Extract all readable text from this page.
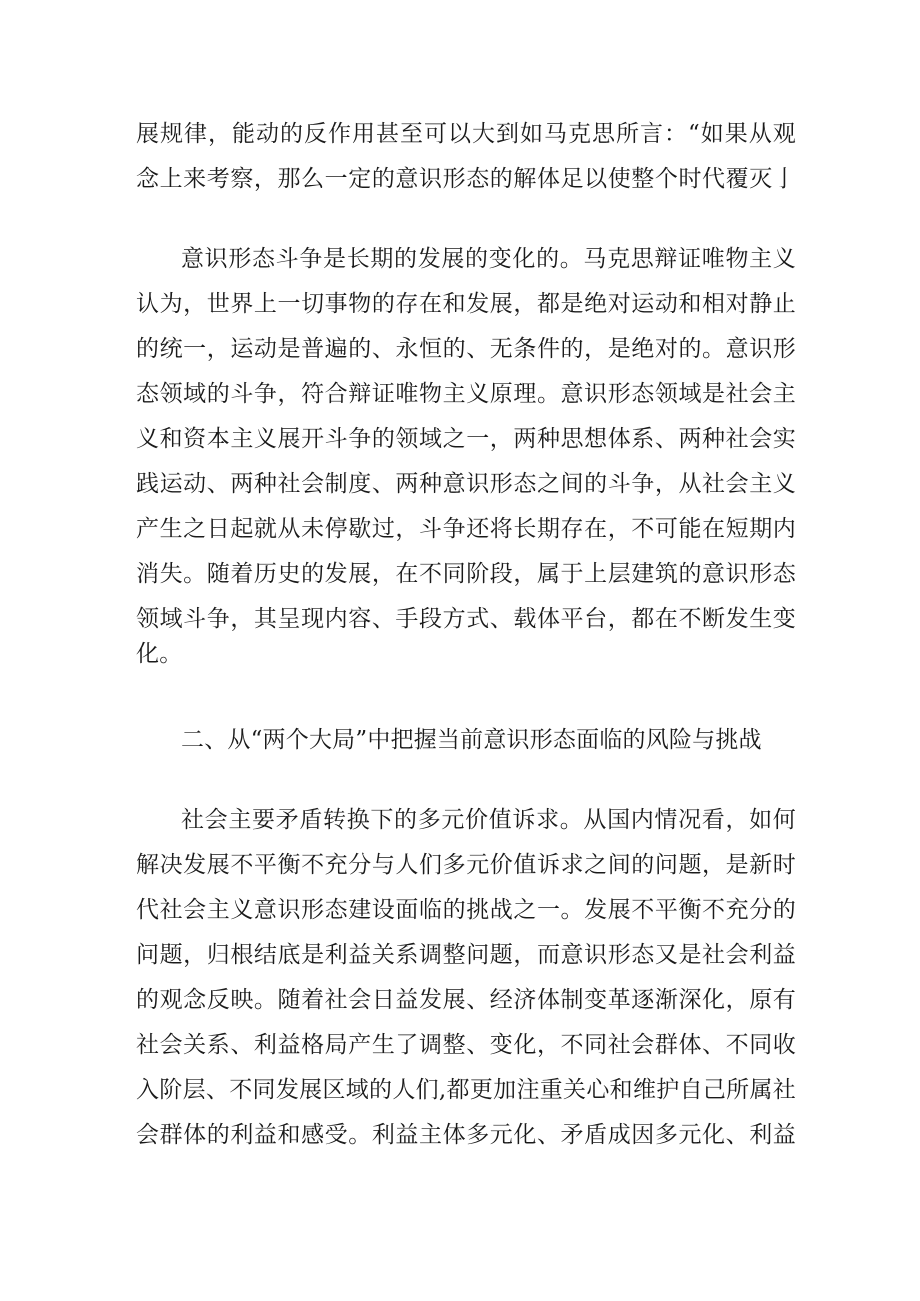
展规律，能动的反作用甚至可以大到如马克思所言：“如果从观
念上来考察，那么一定的意识形态的解体足以使整个时代覆灭亅
意识形态斗争是长期的发展的变化的。马克思辩证唯物主义
认为，世界上一切事物的存在和发展，都是绝对运动和相对静止
的统一，运动是普遍的、永恒的、无条件的，是绝对的。意识形
态领域的斗争，符合辩证唯物主义原理。意识形态领域是社会主
义和资本主义展开斗争的领域之一，两种思想体系、两种社会实
践运动、两种社会制度、两种意识形态之间的斗争，从社会主义
产生之日起就从未停歇过，斗争还将长期存在，不可能在短期内
消失。随着历史的发展，在不同阶段，属于上层建筑的意识形态
领域斗争，其呈现内容、手段方式、载体平台，都在不断发生变
化。
二、从“两个大局”中把握当前意识形态面临的风险与挑战
社会主要矛盾转换下的多元价值诉求。从国内情况看，如何
解决发展不平衡不充分与人们多元价值诉求之间的问题，是新时
代社会主义意识形态建设面临的挑战之一。发展不平衡不充分的
问题，归根结底是利益关系调整问题，而意识形态又是社会利益
的观念反映。随着社会日益发展、经济体制变革逐渐深化，原有
社会关系、利益格局产生了调整、变化，不同社会群体、不同收
入阶层、不同发展区域的人们,都更加注重关心和维护自己所属社
会群体的利益和感受。利益主体多元化、矛盾成因多元化、利益
